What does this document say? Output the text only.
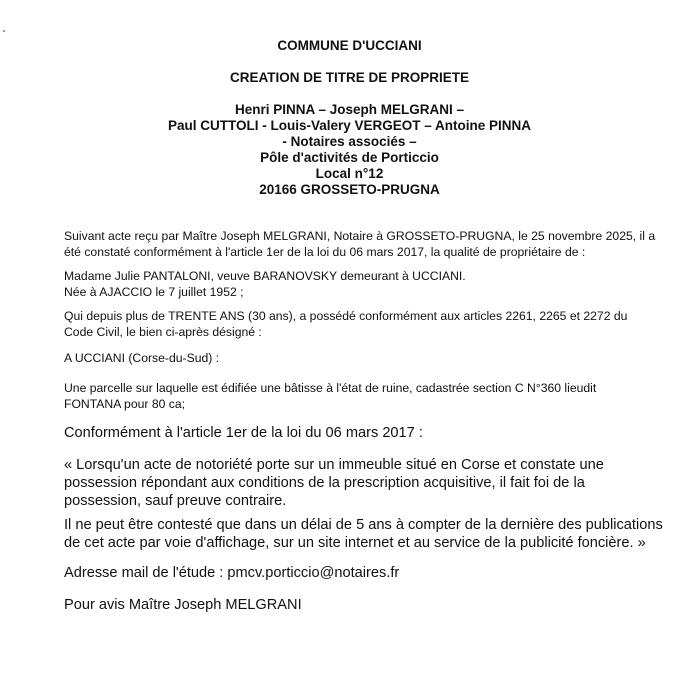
COMMUNE D'UCCIANI
CREATION DE TITRE DE PROPRIETE
Henri PINNA – Joseph MELGRANI –
Paul CUTTOLI - Louis-Valery VERGEOT – Antoine PINNA
- Notaires associés –
Pôle d'activités de Porticcio
Local n°12
20166 GROSSETO-PRUGNA
Suivant acte reçu par Maître Joseph MELGRANI, Notaire à GROSSETO-PRUGNA, le 25 novembre 2025, il a
été constaté conformément à l'article 1er de la loi du 06 mars 2017, la qualité de propriétaire de :
Madame Julie PANTALONI, veuve BARANOVSKY demeurant à UCCIANI.
Née à AJACCIO le 7 juillet 1952 ;
Qui depuis plus de TRENTE ANS (30 ans), a possédé conformément aux articles 2261, 2265 et 2272 du
Code Civil, le bien ci-après désigné :
A UCCIANI (Corse-du-Sud) :
Une parcelle sur laquelle est édifiée une bâtisse à l'état de ruine, cadastrée section C N°360 lieudit
FONTANA pour 80 ca;
Conformément à l'article 1er de la loi du 06 mars 2017 :
« Lorsqu'un acte de notoriété porte sur un immeuble situé en Corse et constate une
possession répondant aux conditions de la prescription acquisitive, il fait foi de la
possession, sauf preuve contraire.
Il ne peut être contesté que dans un délai de 5 ans à compter de la dernière des publications
de cet acte par voie d'affichage, sur un site internet et au service de la publicité foncière. »
Adresse mail de l'étude : pmcv.porticcio@notaires.fr
Pour avis Maître Joseph MELGRANI
